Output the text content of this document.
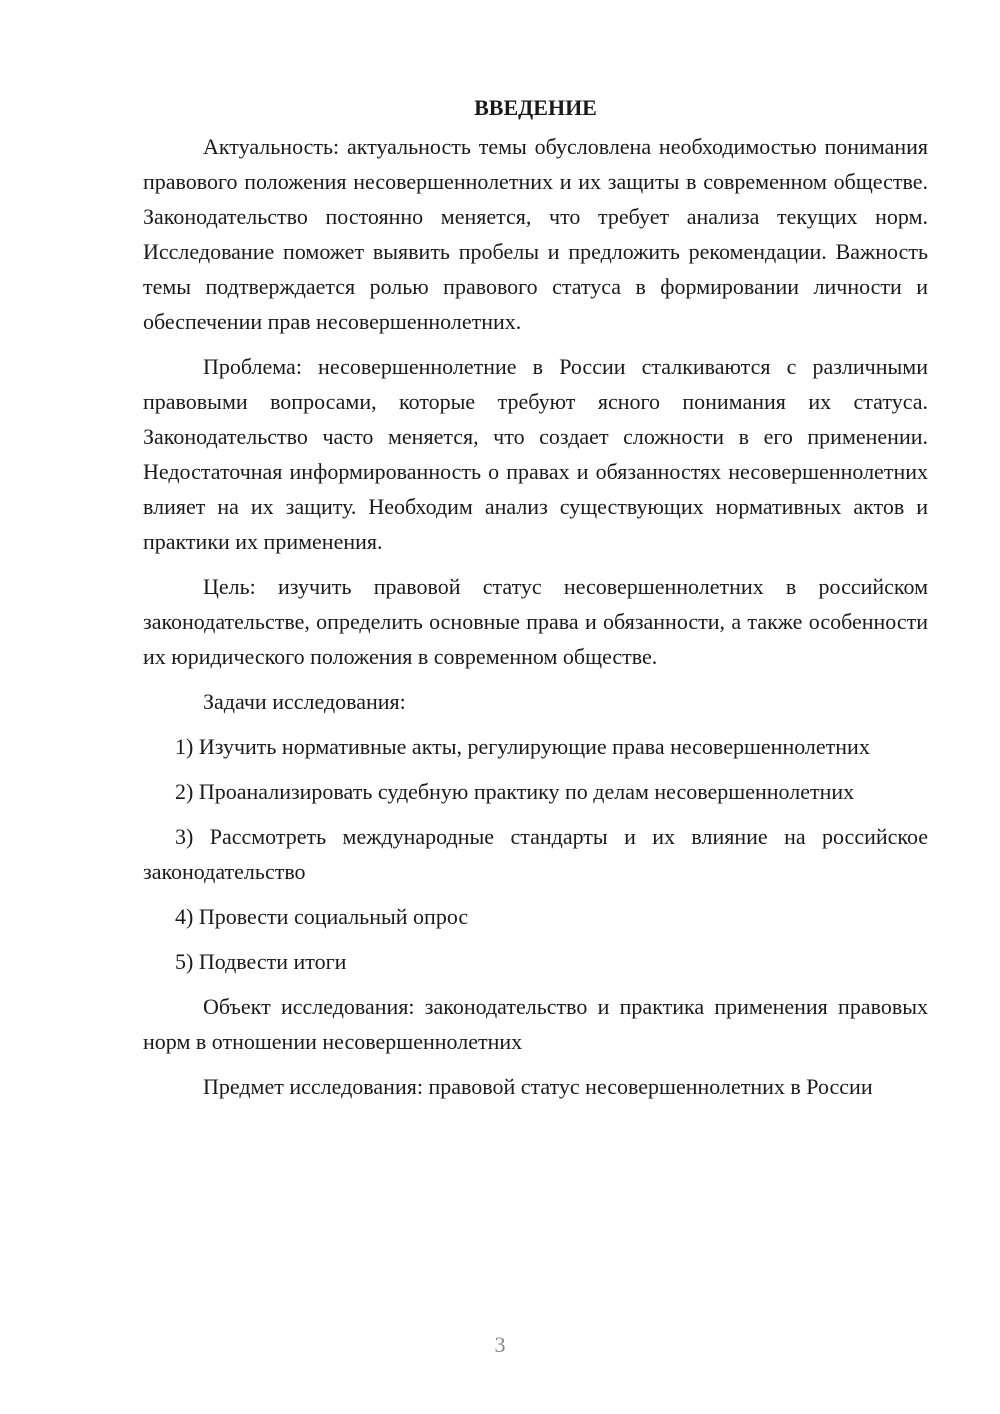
ВВЕДЕНИЕ

Актуальность: актуальность темы обусловлена необходимостью понимания правового положения несовершеннолетних и их защиты в современном обществе. Законодательство постоянно меняется, что требует анализа текущих норм. Исследование поможет выявить пробелы и предложить рекомендации. Важность темы подтверждается ролью правового статуса в формировании личности и обеспечении прав несовершеннолетних.

Проблема: несовершеннолетние в России сталкиваются с различными правовыми вопросами, которые требуют ясного понимания их статуса. Законодательство часто меняется, что создает сложности в его применении. Недостаточная информированность о правах и обязанностях несовершеннолетних влияет на их защиту. Необходим анализ существующих нормативных актов и практики их применения.

Цель: изучить правовой статус несовершеннолетних в российском законодательстве, определить основные права и обязанности, а также особенности их юридического положения в современном обществе.

Задачи исследования:

1) Изучить нормативные акты, регулирующие права несовершеннолетних

2) Проанализировать судебную практику по делам несовершеннолетних

3) Рассмотреть международные стандарты и их влияние на российское законодательство

4) Провести социальный опрос

5) Подвести итоги

Объект исследования: законодательство и практика применения правовых норм в отношении несовершеннолетних

Предмет исследования: правовой статус несовершеннолетних в России

3
